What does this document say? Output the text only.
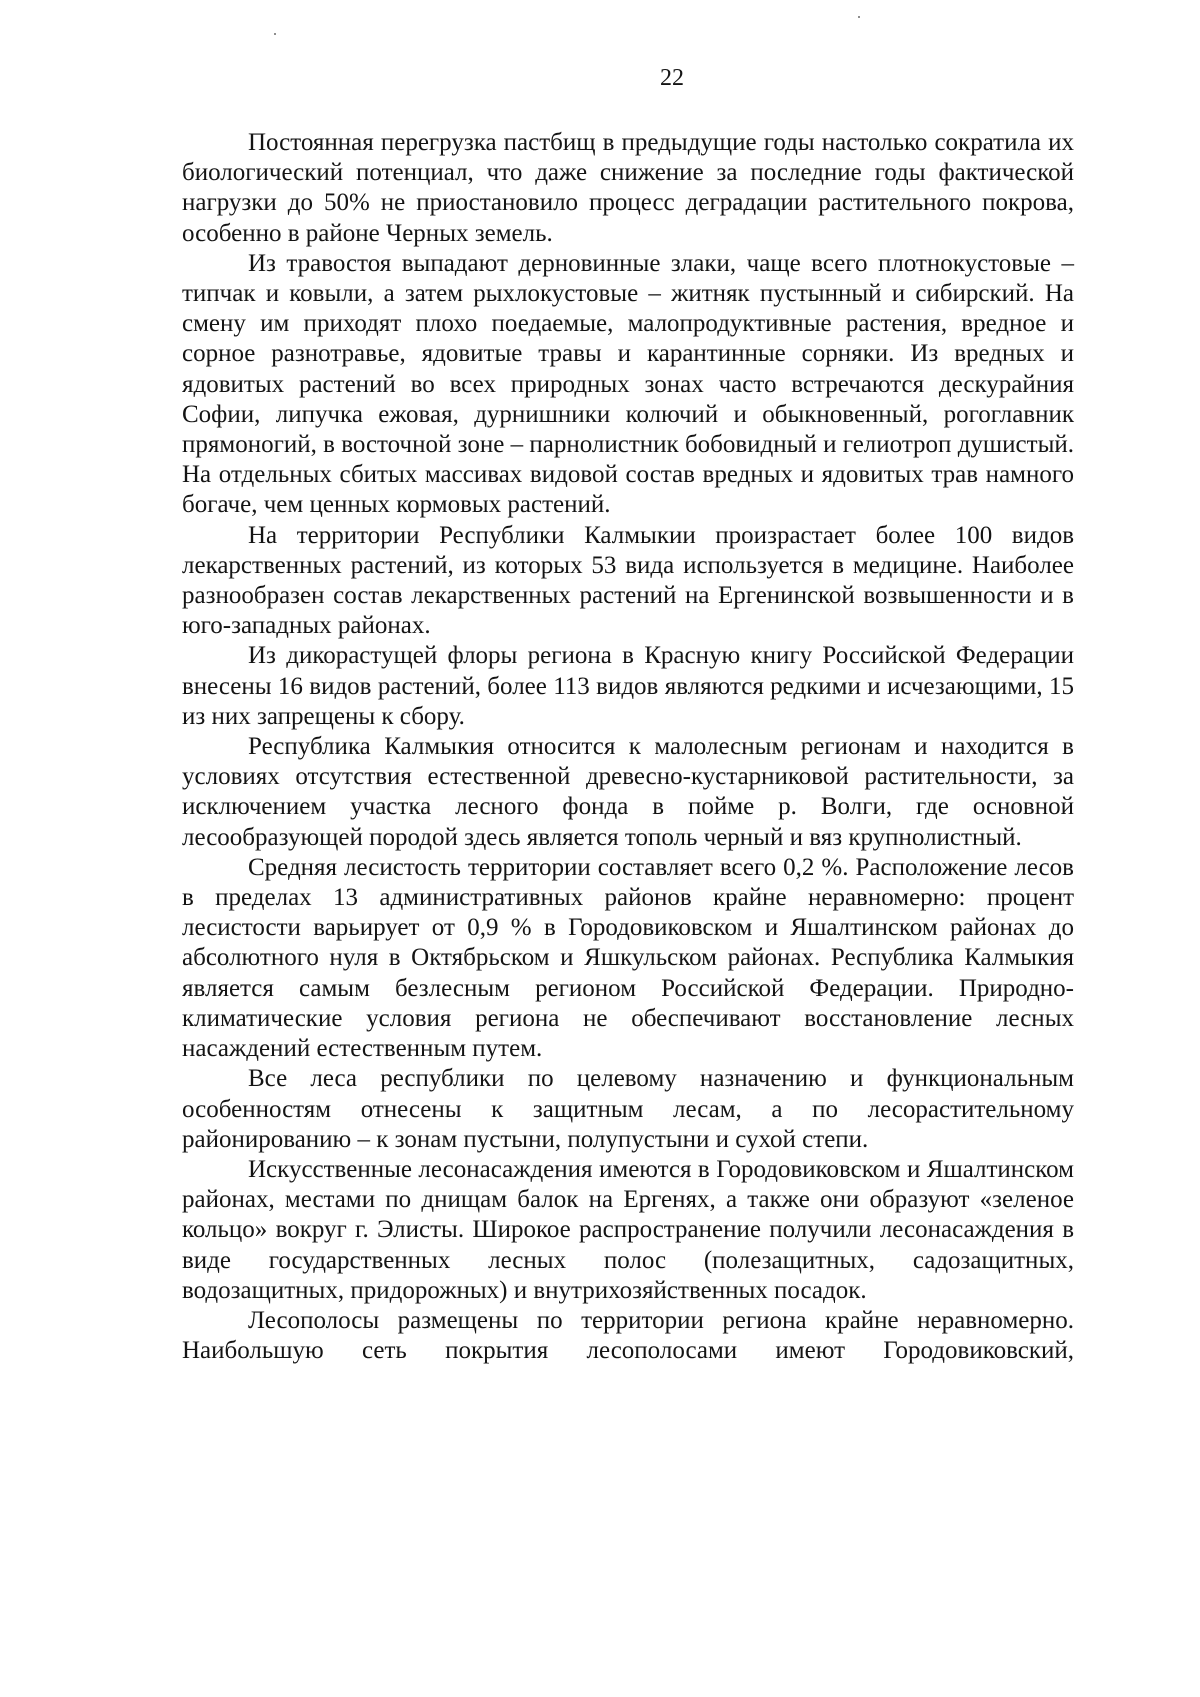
22

Постоянная перегрузка пастбищ в предыдущие годы настолько сократила их биологический потенциал, что даже снижение за последние годы фактической нагрузки до 50% не приостановило процесс деградации растительного покрова, особенно в районе Черных земель.

Из травостоя выпадают дерновинные злаки, чаще всего плотнокустовые – типчак и ковыли, а затем рыхлокустовые – житняк пустынный и сибирский. На смену им приходят плохо поедаемые, малопродуктивные растения, вредное и сорное разнотравье, ядовитые травы и карантинные сорняки. Из вредных и ядовитых растений во всех природных зонах часто встречаются дескурайния Софии, липучка ежовая, дурнишники колючий и обыкновенный, рогоглавник прямоногий, в восточной зоне – парнолистник бобовидный и гелиотроп душистый. На отдельных сбитых массивах видовой состав вредных и ядовитых трав намного богаче, чем ценных кормовых растений.

На территории Республики Калмыкии произрастает более 100 видов лекарственных растений, из которых 53 вида используется в медицине. Наиболее разнообразен состав лекарственных растений на Ергенинской возвышенности и в юго-западных районах.

Из дикорастущей флоры региона в Красную книгу Российской Федерации внесены 16 видов растений, более 113 видов являются редкими и исчезающими, 15 из них запрещены к сбору.

Республика Калмыкия относится к малолесным регионам и находится в условиях отсутствия естественной древесно-кустарниковой растительности, за исключением участка лесного фонда в пойме р. Волги, где основной лесообразующей породой здесь является тополь черный и вяз крупнолистный.

Средняя лесистость территории составляет всего 0,2 %. Расположение лесов в пределах 13 административных районов крайне неравномерно: процент лесистости варьирует от 0,9 % в Городовиковском и Яшалтинском районах до абсолютного нуля в Октябрьском и Яшкульском районах. Республика Калмыкия является самым безлесным регионом Российской Федерации. Природно-климатические условия региона не обеспечивают восстановление лесных насаждений естественным путем.

Все леса республики по целевому назначению и функциональным особенностям отнесены к защитным лесам, а по лесорастительному районированию – к зонам пустыни, полупустыни и сухой степи.

Искусственные лесонасаждения имеются в Городовиковском и Яшалтинском районах, местами по днищам балок на Ергенях, а также они образуют «зеленое кольцо» вокруг г. Элисты. Широкое распространение получили лесонасаждения в виде государственных лесных полос (полезащитных, садозащитных, водозащитных, придорожных) и внутрихозяйственных посадок.

Лесополосы размещены по территории региона крайне неравномерно. Наибольшую сеть покрытия лесополосами имеют Городовиковский,
